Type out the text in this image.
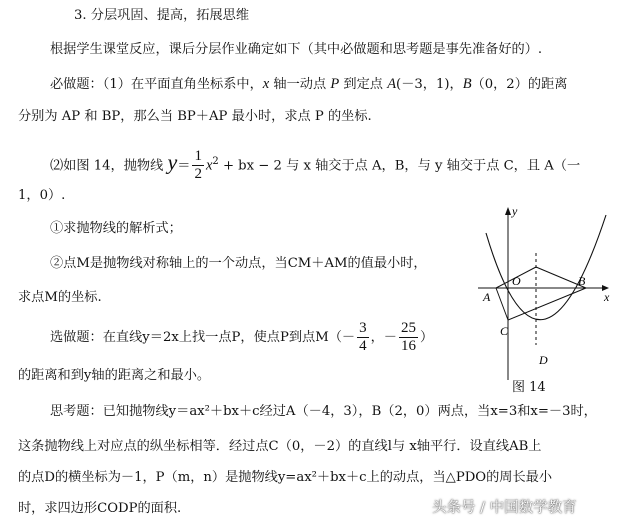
3. 分层巩固、提高，拓展思维
根据学生课堂反应，课后分层作业确定如下（其中必做题和思考题是事先准备好的）.
必做题：（1）在平面直角坐标系中，x 轴一动点 P 到定点 A(－3，1)，B（0，2）的距离
分别为 AP 和 BP，那么当 BP＋AP 最小时，求点 P 的坐标.
⑵如图 14，抛物线 $y= \frac{1}{2} x^2$ + bx − 2 与 x 轴交于点 A，B，与 y 轴交于点 C，且 A（一
1，0）.
①求抛物线的解析式；
②点M是抛物线对称轴上的一个动点，当CM＋AM的值最小时，
求点M的坐标.
选做题：在直线y＝2x上找一点P，使点P到点$M(- \frac{3}{4}$ ，－ $\frac{25}{16}$ ）
的距离和到y轴的距离之和最小。
思考题：已知抛物线y＝ax²＋bx＋c经过A（－4，3），B（2，0）两点，当x=3和x=－3时，
这条抛物线上对应点的纵坐标相等．经过点C（0，－2）的直线l与 x轴平行．设直线AB上
的点D的横坐标为－1，P（m，n）是抛物线y=ax²＋bx＋c上的动点，当△PDO的周长最小
时，求四边形CODP的面积.
y
x
O
A
B
C
D
图 14
头条号 / 中国数学教育
